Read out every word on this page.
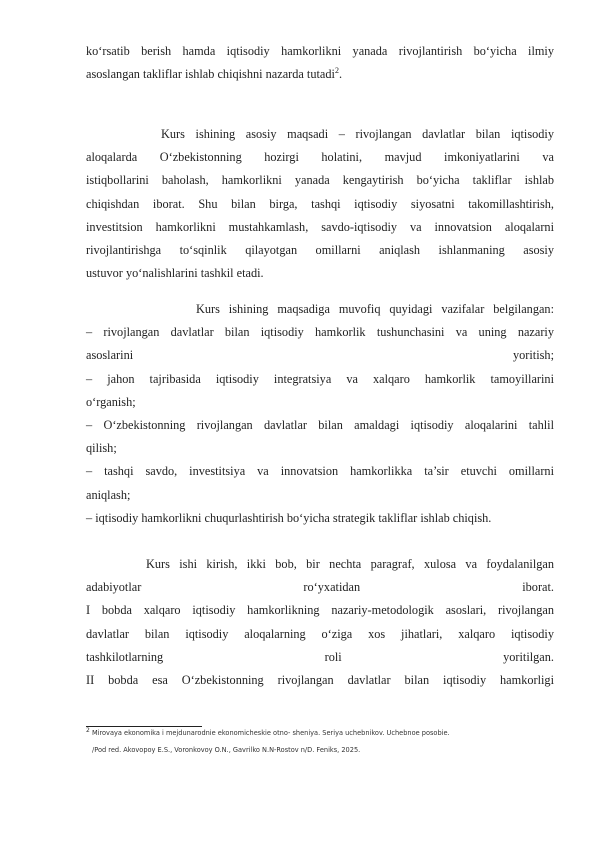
ko‘rsatib berish hamda iqtisodiy hamkorlikni yanada rivojlantirish bo‘yicha ilmiy
asoslangan takliflar ishlab chiqishni nazarda tutadi$^2$.

Kurs ishining asosiy maqsadi – rivojlangan davlatlar bilan iqtisodiy
aloqalarda O‘zbekistonning hozirgi holatini, mavjud imkoniyatlarini va
istiqbollarini baholash, hamkorlikni yanada kengaytirish bo‘yicha takliflar ishlab
chiqishdan iborat. Shu bilan birga, tashqi iqtisodiy siyosatni takomillashtirish,
investitsion hamkorlikni mustahkamlash, savdo-iqtisodiy va innovatsion aloqalarni
rivojlantirishga to‘sqinlik qilayotgan omillarni aniqlash ishlanmaning asosiy
ustuvor yo‘nalishlarini tashkil etadi.

Kurs ishining maqsadiga muvofiq quyidagi vazifalar belgilangan:
– rivojlangan davlatlar bilan iqtisodiy hamkorlik tushunchasini va uning nazariy
asoslarini yoritish;
– jahon tajribasida iqtisodiy integratsiya va xalqaro hamkorlik tamoyillarini
o‘rganish;
– O‘zbekistonning rivojlangan davlatlar bilan amaldagi iqtisodiy aloqalarini tahlil
qilish;
– tashqi savdo, investitsiya va innovatsion hamkorlikka ta’sir etuvchi omillarni
aniqlash;
– iqtisodiy hamkorlikni chuqurlashtirish bo‘yicha strategik takliflar ishlab chiqish.

Kurs ishi kirish, ikki bob, bir nechta paragraf, xulosa va foydalanilgan
adabiyotlar ro‘yxatidan iborat.
I bobda xalqaro iqtisodiy hamkorlikning nazariy-metodologik asoslari, rivojlangan
davlatlar bilan iqtisodiy aloqalarning o‘ziga xos jihatlari, xalqaro iqtisodiy
tashkilotlarning roli yoritilgan.
II bobda esa O‘zbekistonning rivojlangan davlatlar bilan iqtisodiy hamkorligi

$^2$ Mirovaya ekonomika i mejdunarodnie ekonomicheskie otno- sheniya. Seriya uchebnikov. Uchebnoe posobie.

/Pod red. Akovopoy E.S., Voronkovoy O.N., Gavrilko N.N-Rostov n/D. Feniks, 2025.
